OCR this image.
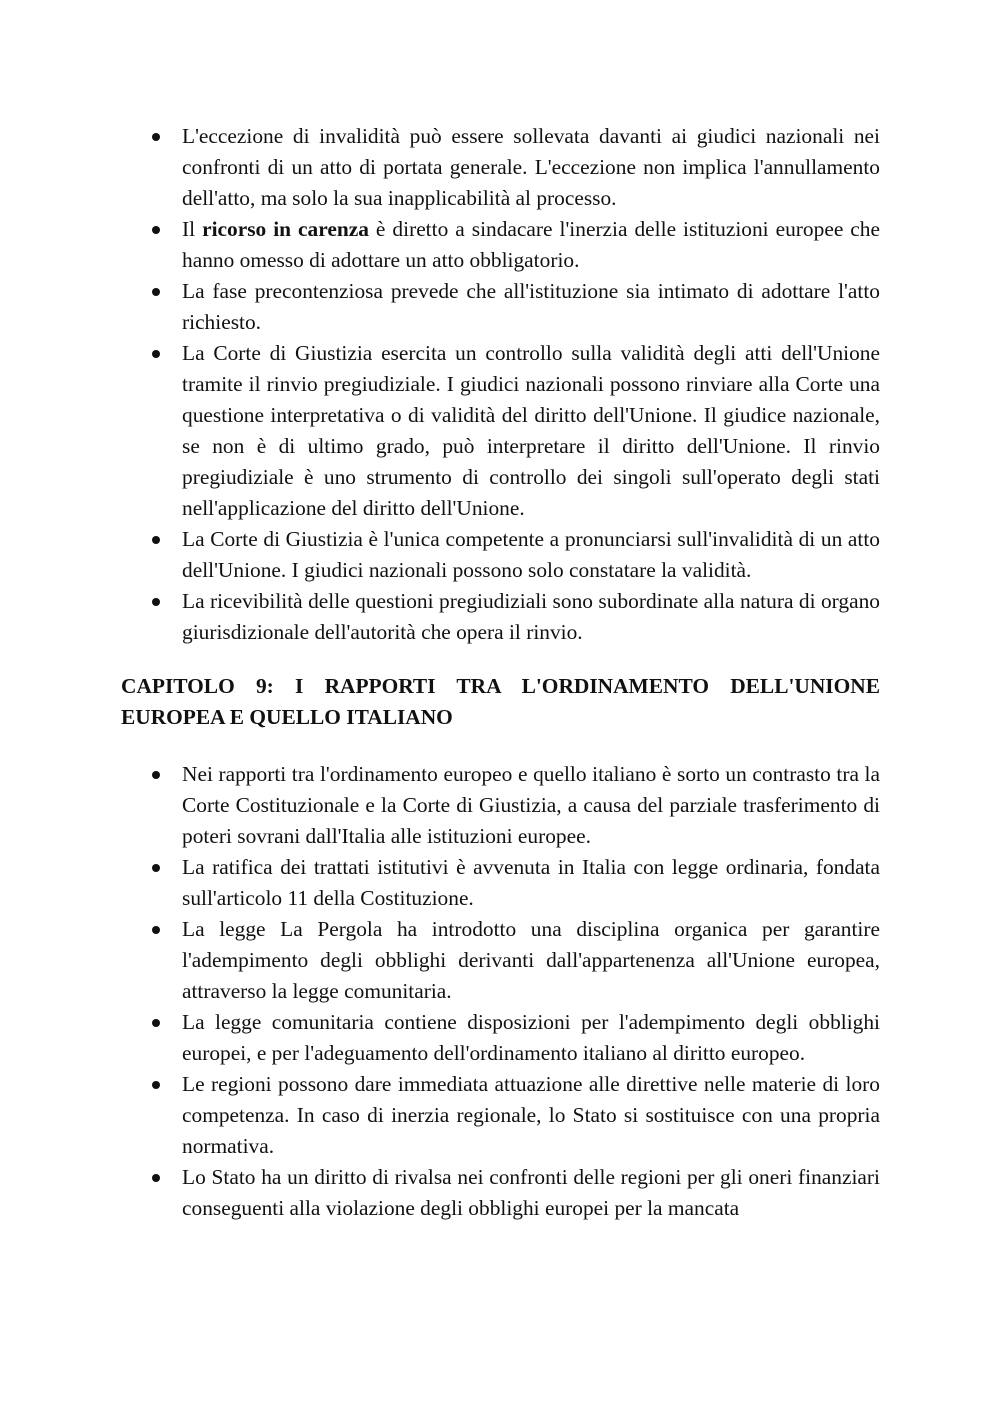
L'eccezione di invalidità può essere sollevata davanti ai giudici nazionali nei confronti di un atto di portata generale. L'eccezione non implica l'annullamento dell'atto, ma solo la sua inapplicabilità al processo.
Il ricorso in carenza è diretto a sindacare l'inerzia delle istituzioni europee che hanno omesso di adottare un atto obbligatorio.
La fase precontenziosa prevede che all'istituzione sia intimato di adottare l'atto richiesto.
La Corte di Giustizia esercita un controllo sulla validità degli atti dell'Unione tramite il rinvio pregiudiziale. I giudici nazionali possono rinviare alla Corte una questione interpretativa o di validità del diritto dell'Unione. Il giudice nazionale, se non è di ultimo grado, può interpretare il diritto dell'Unione. Il rinvio pregiudiziale è uno strumento di controllo dei singoli sull'operato degli stati nell'applicazione del diritto dell'Unione.
La Corte di Giustizia è l'unica competente a pronunciarsi sull'invalidità di un atto dell'Unione. I giudici nazionali possono solo constatare la validità.
La ricevibilità delle questioni pregiudiziali sono subordinate alla natura di organo giurisdizionale dell'autorità che opera il rinvio.
CAPITOLO 9: I RAPPORTI TRA L'ORDINAMENTO DELL'UNIONE EUROPEA E QUELLO ITALIANO
Nei rapporti tra l'ordinamento europeo e quello italiano è sorto un contrasto tra la Corte Costituzionale e la Corte di Giustizia, a causa del parziale trasferimento di poteri sovrani dall'Italia alle istituzioni europee.
La ratifica dei trattati istitutivi è avvenuta in Italia con legge ordinaria, fondata sull'articolo 11 della Costituzione.
La legge La Pergola ha introdotto una disciplina organica per garantire l'adempimento degli obblighi derivanti dall'appartenenza all'Unione europea, attraverso la legge comunitaria.
La legge comunitaria contiene disposizioni per l'adempimento degli obblighi europei, e per l'adeguamento dell'ordinamento italiano al diritto europeo.
Le regioni possono dare immediata attuazione alle direttive nelle materie di loro competenza. In caso di inerzia regionale, lo Stato si sostituisce con una propria normativa.
Lo Stato ha un diritto di rivalsa nei confronti delle regioni per gli oneri finanziari conseguenti alla violazione degli obblighi europei per la mancata
